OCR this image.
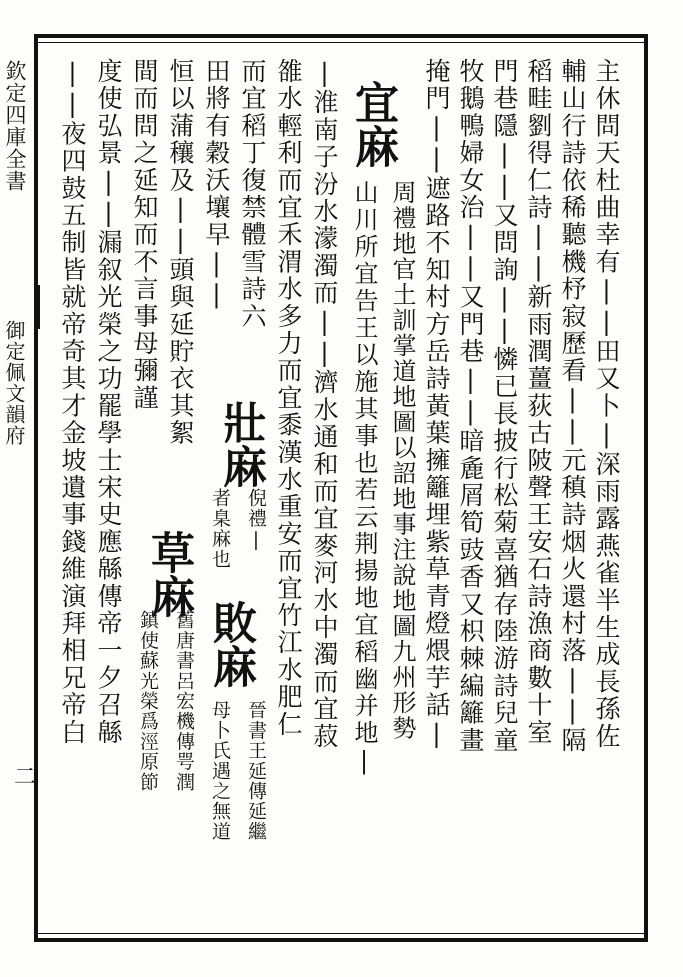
欽定四庫全書
御定佩文韻府
二
主休問天杜曲幸有||田又卜|深雨露燕雀半生成長孫佐
輔山行詩依稀聽機杼寂歷看||元稹詩烟火還村落||隔
稻畦劉得仁詩||新雨潤薑荻古陂聲王安石詩漁商數十室
門巷隱||又問詢||憐已長披行松菊喜猶存陸游詩兒童
牧鵝鴨婦女治||又門巷||暗麁屑筍豉香又枳棘編籬畫
掩門||遮路不知村方岳詩黃葉擁籬埋紫草青燈煨芋話|
宜麻
周禮地官土訓掌道地圖以詔地事注說地圖九州形勢
山川所宜告王以施其事也若云荆揚地宜稻幽并地|
|淮南子汾水濛濁而||濟水通和而宜麥河水中濁而宜菽
雒水輕利而宜禾渭水多力而宜黍漢水重安而宜竹江水肥仁
而宜稻丁復禁體雪詩六
壯麻
倪禮|
田將有穀沃壤早||
者臬麻也
敗麻
晉書王延傳延繼
恒以蒲穰及||頭與延貯衣其絮
母卜氏遇之無道
草麻
舊唐書呂宏機傳咢潤
間而問之延知而不言事母彌謹
鎮使蘇光榮爲涇原節
度使弘景||漏叙光榮之功罷學士宋史應緜傳帝一夕召緜
||夜四鼓五制皆就帝奇其才金坡遺事錢維演拜相兄帝白
